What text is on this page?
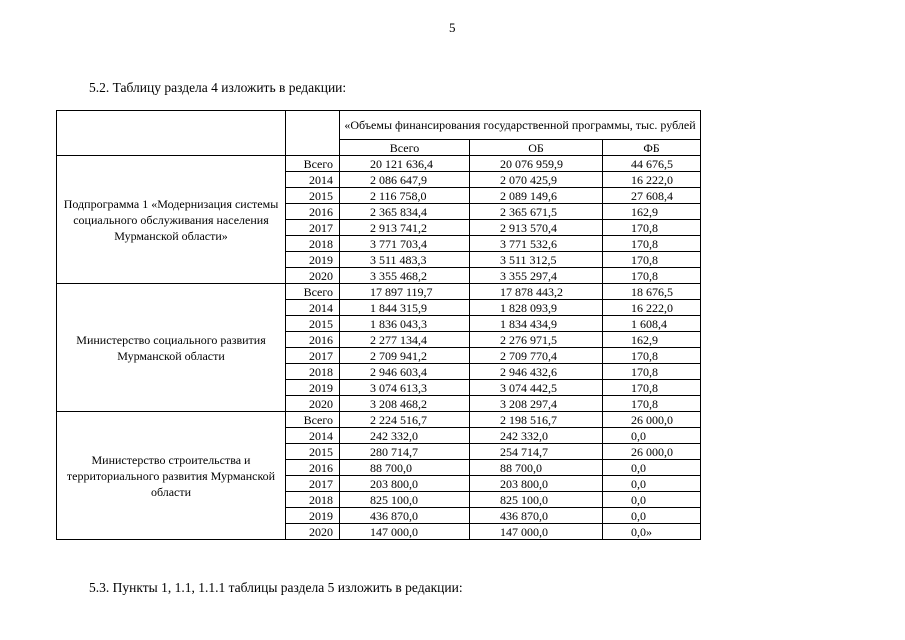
5
5.2. Таблицу раздела 4 изложить в редакции:
		«Объемы финансирования государственной программы, тыс. рублей		
		Всего	ОБ	ФБ
Подпрограмма 1 «Модернизация системы социального обслуживания населения Мурманской области»	Всего	20 121 636,4	20 076 959,9	44 676,5
	2014	2 086 647,9	2 070 425,9	16 222,0
	2015	2 116 758,0	2 089 149,6	27 608,4
	2016	2 365 834,4	2 365 671,5	162,9
	2017	2 913 741,2	2 913 570,4	170,8
	2018	3 771 703,4	3 771 532,6	170,8
	2019	3 511 483,3	3 511 312,5	170,8
	2020	3 355 468,2	3 355 297,4	170,8
Министерство социального развития Мурманской области	Всего	17 897 119,7	17 878 443,2	18 676,5
	2014	1 844 315,9	1 828 093,9	16 222,0
	2015	1 836 043,3	1 834 434,9	1 608,4
	2016	2 277 134,4	2 276 971,5	162,9
	2017	2 709 941,2	2 709 770,4	170,8
	2018	2 946 603,4	2 946 432,6	170,8
	2019	3 074 613,3	3 074 442,5	170,8
	2020	3 208 468,2	3 208 297,4	170,8
Министерство строительства и территориального развития Мурманской области	Всего	2 224 516,7	2 198 516,7	26 000,0
	2014	242 332,0	242 332,0	0,0
	2015	280 714,7	254 714,7	26 000,0
	2016	88 700,0	88 700,0	0,0
	2017	203 800,0	203 800,0	0,0
	2018	825 100,0	825 100,0	0,0
	2019	436 870,0	436 870,0	0,0
	2020	147 000,0	147 000,0	0,0»
5.3. Пункты 1, 1.1, 1.1.1 таблицы раздела 5 изложить в редакции:
